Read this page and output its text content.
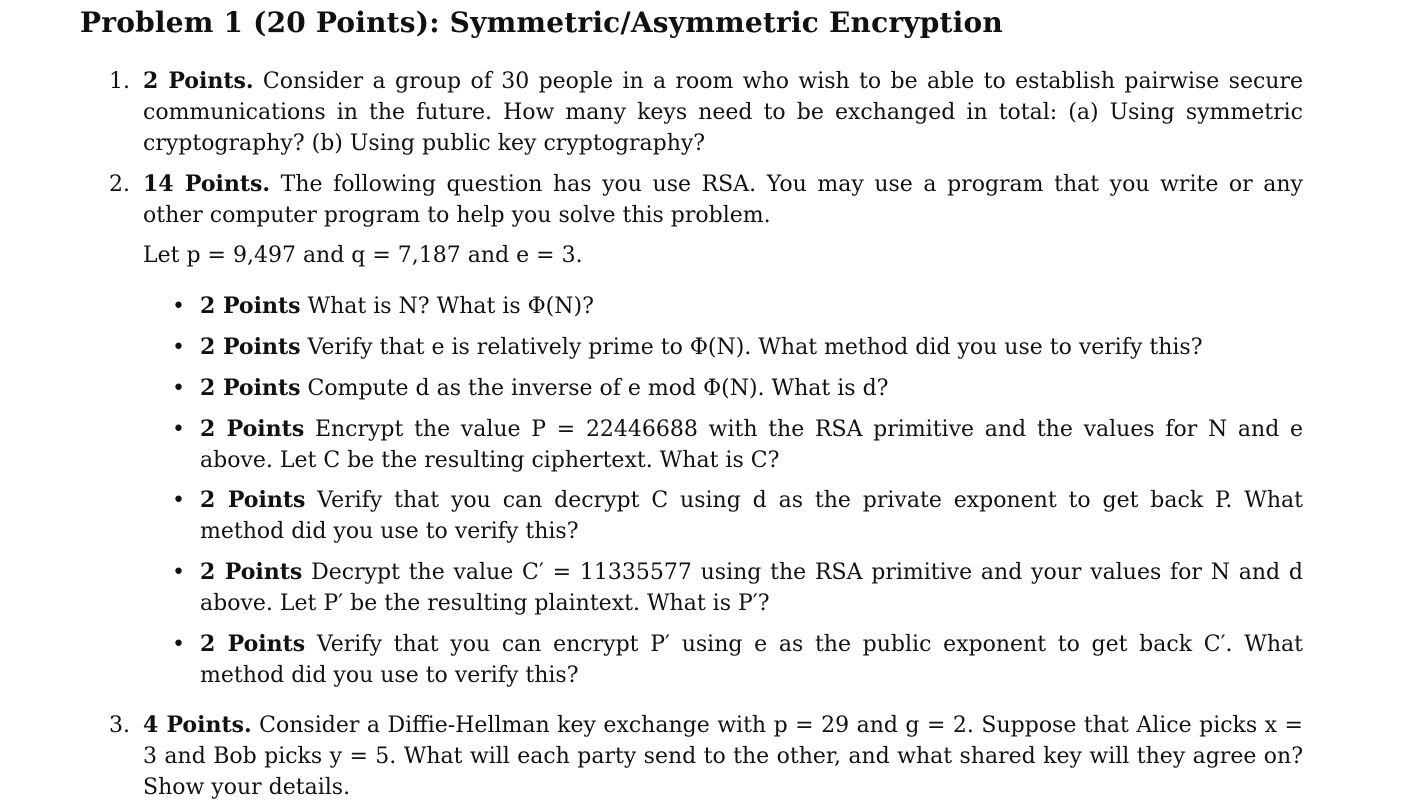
Problem 1 (20 Points): Symmetric/Asymmetric Encryption

1. 2 Points. Consider a group of 30 people in a room who wish to be able to establish pairwise secure communications in the future. How many keys need to be exchanged in total: (a) Using symmetric cryptography? (b) Using public key cryptography?

2. 14 Points. The following question has you use RSA. You may use a program that you write or any other computer program to help you solve this problem.

Let p = 9,497 and q = 7,187 and e = 3.

• 2 Points What is N? What is Φ(N)?

• 2 Points Verify that e is relatively prime to Φ(N). What method did you use to verify this?

• 2 Points Compute d as the inverse of e mod Φ(N). What is d?

• 2 Points Encrypt the value P = 22446688 with the RSA primitive and the values for N and e above. Let C be the resulting ciphertext. What is C?

• 2 Points Verify that you can decrypt C using d as the private exponent to get back P. What method did you use to verify this?

• 2 Points Decrypt the value C′ = 11335577 using the RSA primitive and your values for N and d above. Let P′ be the resulting plaintext. What is P′?

• 2 Points Verify that you can encrypt P′ using e as the public exponent to get back C′. What method did you use to verify this?

3. 4 Points. Consider a Diffie-Hellman key exchange with p = 29 and g = 2. Suppose that Alice picks x = 3 and Bob picks y = 5. What will each party send to the other, and what shared key will they agree on? Show your details.
